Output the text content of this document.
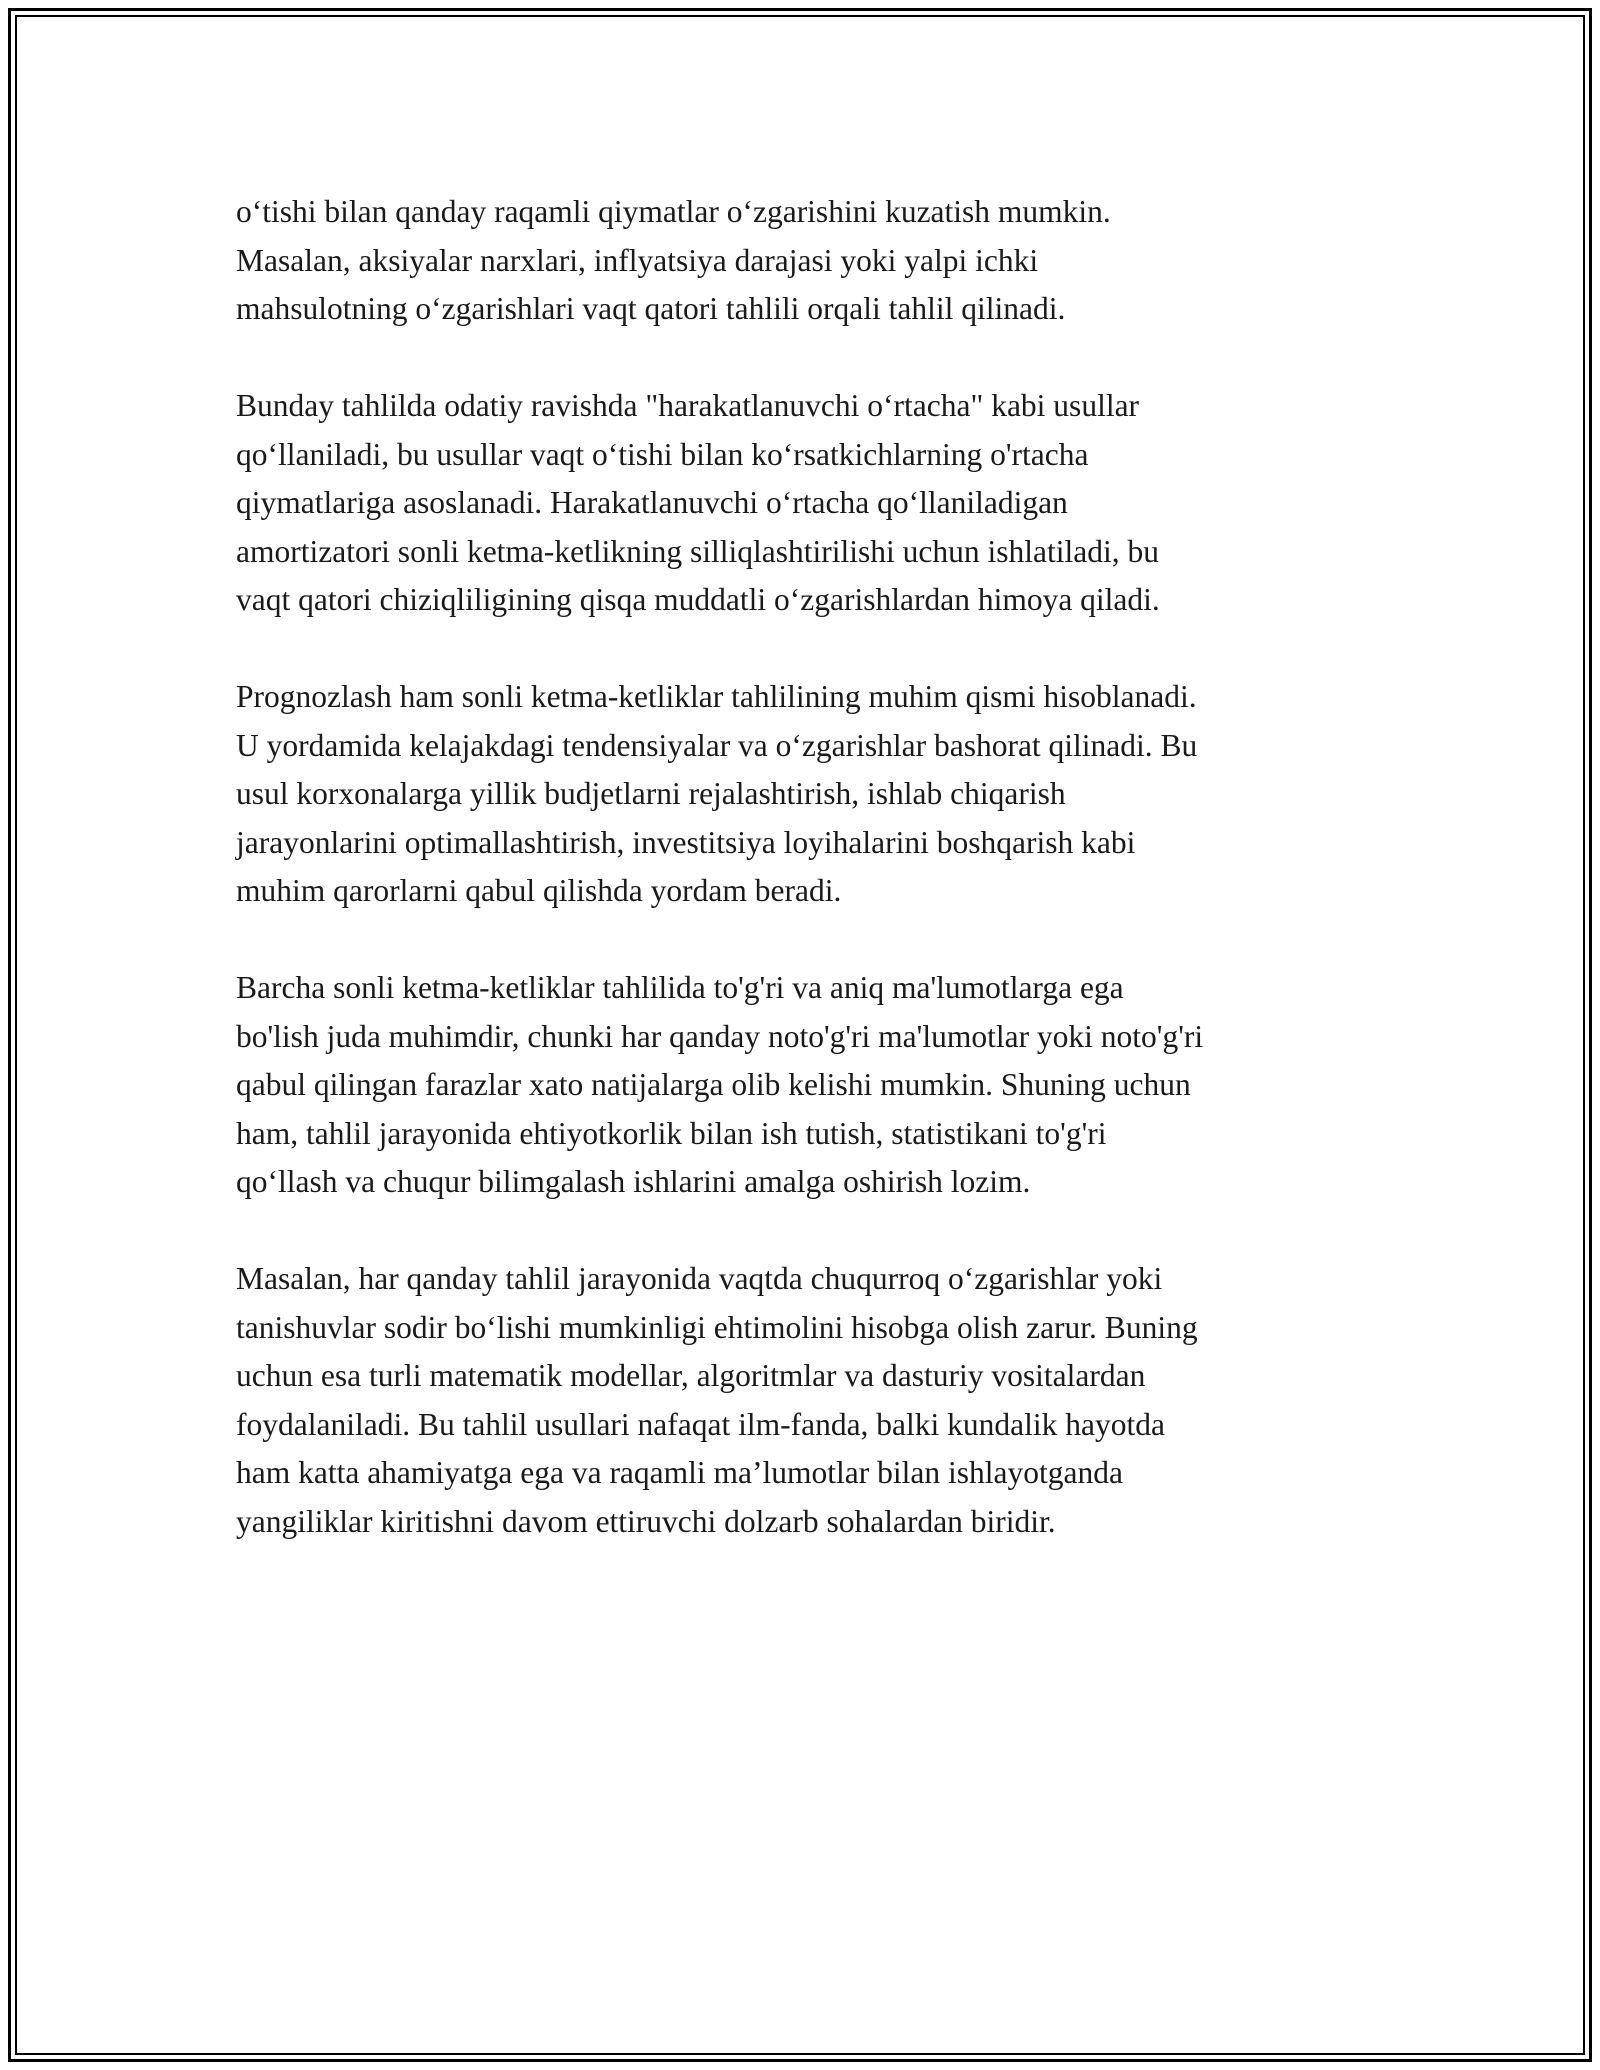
o‘tishi bilan qanday raqamli qiymatlar o‘zgarishini kuzatish mumkin.
Masalan, aksiyalar narxlari, inflyatsiya darajasi yoki yalpi ichki
mahsulotning o‘zgarishlari vaqt qatori tahlili orqali tahlil qilinadi.

Bunday tahlilda odatiy ravishda "harakatlanuvchi o‘rtacha" kabi usullar
qo‘llaniladi, bu usullar vaqt o‘tishi bilan ko‘rsatkichlarning o'rtacha
qiymatlariga asoslanadi. Harakatlanuvchi o‘rtacha qo‘llaniladigan
amortizatori sonli ketma-ketlikning silliqlashtirilishi uchun ishlatiladi, bu
vaqt qatori chiziqliligining qisqa muddatli o‘zgarishlardan himoya qiladi.

Prognozlash ham sonli ketma-ketliklar tahlilining muhim qismi hisoblanadi.
U yordamida kelajakdagi tendensiyalar va o‘zgarishlar bashorat qilinadi. Bu
usul korxonalarga yillik budjetlarni rejalashtirish, ishlab chiqarish
jarayonlarini optimallashtirish, investitsiya loyihalarini boshqarish kabi
muhim qarorlarni qabul qilishda yordam beradi.

Barcha sonli ketma-ketliklar tahlilida to'g'ri va aniq ma'lumotlarga ega
bo'lish juda muhimdir, chunki har qanday noto'g'ri ma'lumotlar yoki noto'g'ri
qabul qilingan farazlar xato natijalarga olib kelishi mumkin. Shuning uchun
ham, tahlil jarayonida ehtiyotkorlik bilan ish tutish, statistikani to'g'ri
qo‘llash va chuqur bilimgalash ishlarini amalga oshirish lozim.

Masalan, har qanday tahlil jarayonida vaqtda chuqurroq o‘zgarishlar yoki
tanishuvlar sodir bo‘lishi mumkinligi ehtimolini hisobga olish zarur. Buning
uchun esa turli matematik modellar, algoritmlar va dasturiy vositalardan
foydalaniladi. Bu tahlil usullari nafaqat ilm-fanda, balki kundalik hayotda
ham katta ahamiyatga ega va raqamli ma’lumotlar bilan ishlayotganda
yangiliklar kiritishni davom ettiruvchi dolzarb sohalardan biridir.
